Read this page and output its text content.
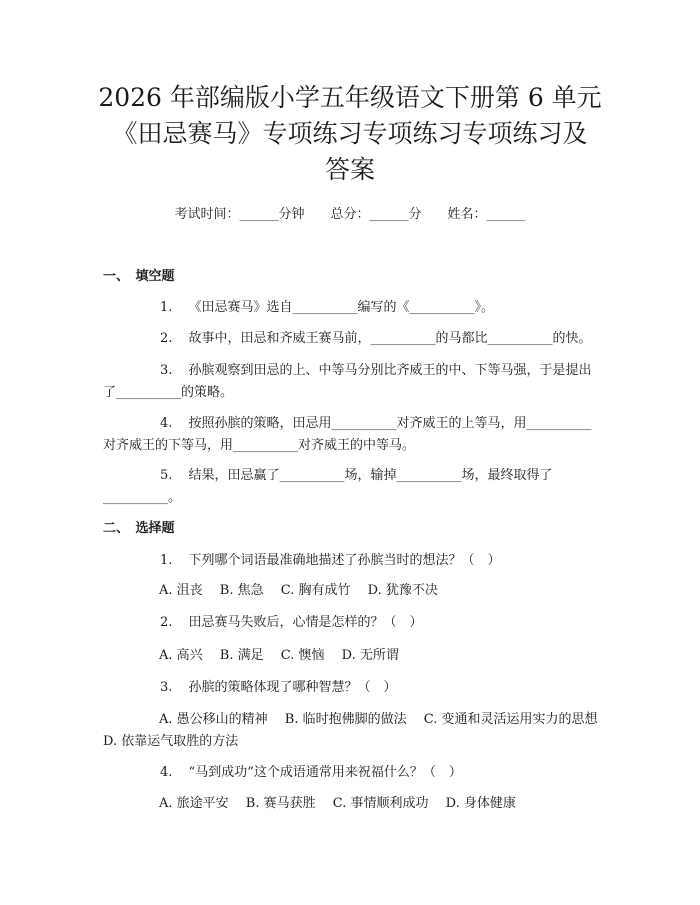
2026 年部编版小学五年级语文下册第 6 单元
《田忌赛马》专项练习专项练习专项练习及
答案
考试时间：______分钟　　总分：______分　　姓名：______
一、　填空题
1. 《田忌赛马》选自__________编写的《__________》。
2. 故事中，田忌和齐威王赛马前，__________的马都比__________的快。
3. 孙膑观察到田忌的上、中等马分别比齐威王的中、下等马强，于是提出了__________的策略。
4. 按照孙膑的策略，田忌用__________对齐威王的上等马，用__________对齐威王的下等马，用__________对齐威王的中等马。
5. 结果，田忌赢了__________场，输掉__________场，最终取得了__________。
二、　选择题
1. 下列哪个词语最准确地描述了孙膑当时的想法？（　）
A. 沮丧　 B. 焦急　 C. 胸有成竹　 D. 犹豫不决
2. 田忌赛马失败后，心情是怎样的？（　）
A. 高兴　 B. 满足　 C. 懊恼　 D. 无所谓
3. 孙膑的策略体现了哪种智慧？（　）
A. 愚公移山的精神　 B. 临时抱佛脚的做法　 C. 变通和灵活运用实力的思想　 D. 依靠运气取胜的方法
4. “马到成功”这个成语通常用来祝福什么？（　）
A. 旅途平安　 B. 赛马获胜　 C. 事情顺利成功　 D. 身体健康
